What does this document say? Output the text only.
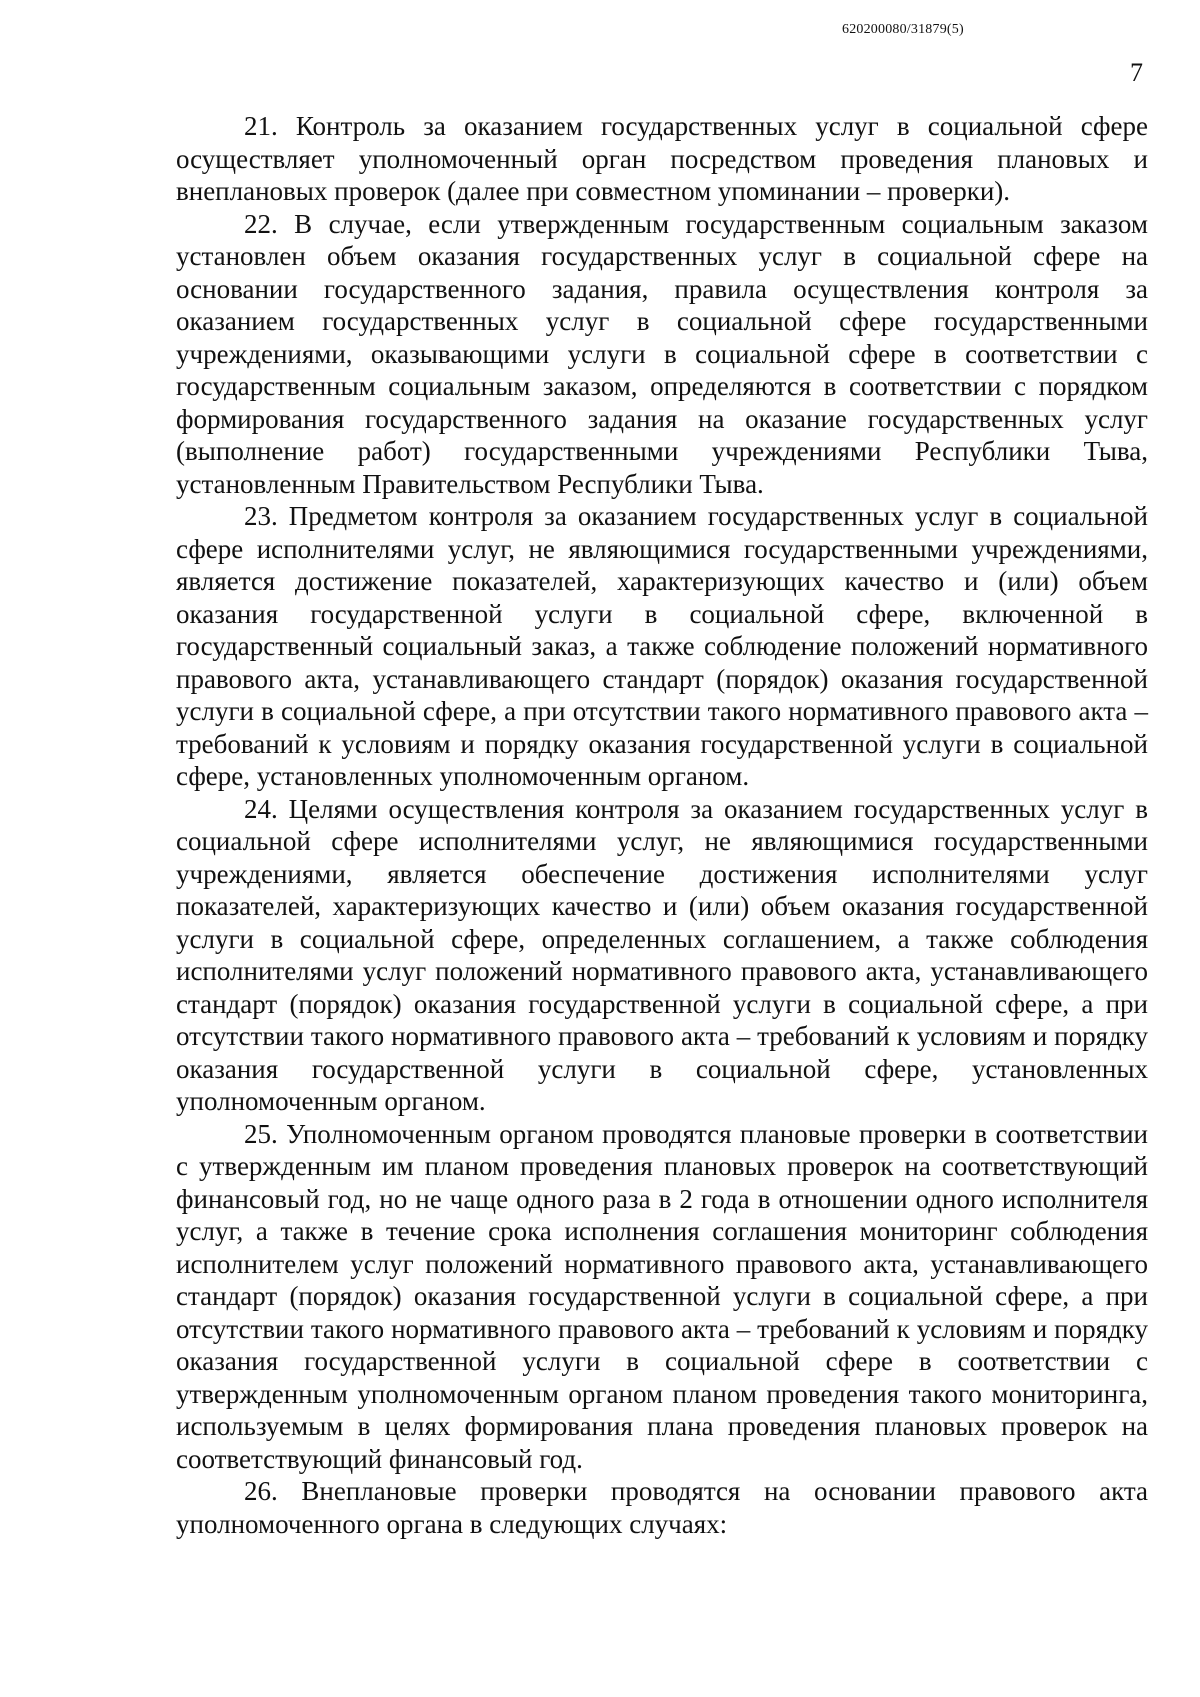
620200080/31879(5)
7

21. Контроль за оказанием государственных услуг в социальной сфере осуществляет уполномоченный орган посредством проведения плановых и внеплановых проверок (далее при совместном упоминании – проверки).

22. В случае, если утвержденным государственным социальным заказом установлен объем оказания государственных услуг в социальной сфере на основании государственного задания, правила осуществления контроля за оказанием государственных услуг в социальной сфере государственными учреждениями, оказывающими услуги в социальной сфере в соответствии с государственным социальным заказом, определяются в соответствии с порядком формирования государственного задания на оказание государственных услуг (выполнение работ) государственными учреждениями Республики Тыва, установленным Правительством Республики Тыва.

23. Предметом контроля за оказанием государственных услуг в социальной сфере исполнителями услуг, не являющимися государственными учреждениями, является достижение показателей, характеризующих качество и (или) объем оказания государственной услуги в социальной сфере, включенной в государственный социальный заказ, а также соблюдение положений нормативного правового акта, устанавливающего стандарт (порядок) оказания государственной услуги в социальной сфере, а при отсутствии такого нормативного правового акта – требований к условиям и порядку оказания государственной услуги в социальной сфере, установленных уполномоченным органом.

24. Целями осуществления контроля за оказанием государственных услуг в социальной сфере исполнителями услуг, не являющимися государственными учреждениями, является обеспечение достижения исполнителями услуг показателей, характеризующих качество и (или) объем оказания государственной услуги в социальной сфере, определенных соглашением, а также соблюдения исполнителями услуг положений нормативного правового акта, устанавливающего стандарт (порядок) оказания государственной услуги в социальной сфере, а при отсутствии такого нормативного правового акта – требований к условиям и порядку оказания государственной услуги в социальной сфере, установленных уполномоченным органом.

25. Уполномоченным органом проводятся плановые проверки в соответствии с утвержденным им планом проведения плановых проверок на соответствующий финансовый год, но не чаще одного раза в 2 года в отношении одного исполнителя услуг, а также в течение срока исполнения соглашения мониторинг соблюдения исполнителем услуг положений нормативного правового акта, устанавливающего стандарт (порядок) оказания государственной услуги в социальной сфере, а при отсутствии такого нормативного правового акта – требований к условиям и порядку оказания государственной услуги в социальной сфере в соответствии с утвержденным уполномоченным органом планом проведения такого мониторинга, используемым в целях формирования плана проведения плановых проверок на соответствующий финансовый год.

26. Внеплановые проверки проводятся на основании правового акта уполномоченного органа в следующих случаях:
